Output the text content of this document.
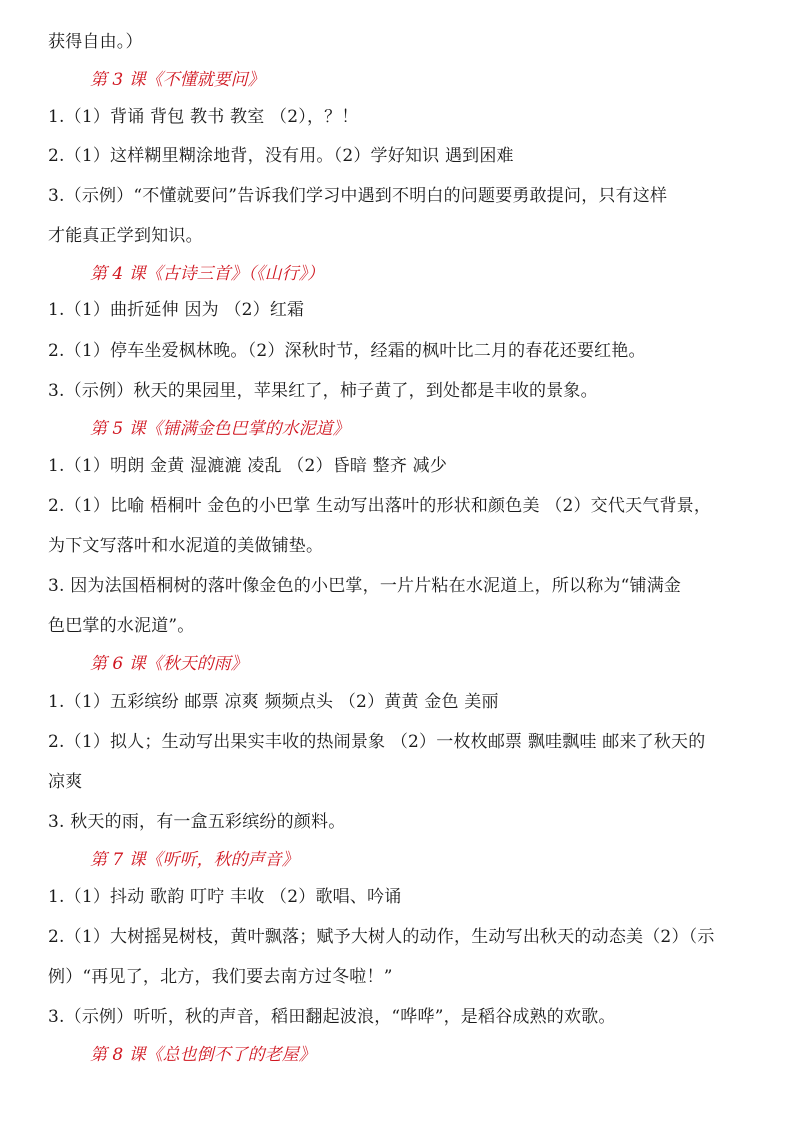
获得自由。）
第 3 课《不懂就要问》
1.（1）背诵 背包 教书 教室 （2），？！
2.（1）这样糊里糊涂地背，没有用。（2）学好知识 遇到困难
3.（示例）“不懂就要问”告诉我们学习中遇到不明白的问题要勇敢提问，只有这样
才能真正学到知识。
第 4 课《古诗三首》（《山行》）
1.（1）曲折延伸 因为 （2）红霜
2.（1）停车坐爱枫林晚。（2）深秋时节，经霜的枫叶比二月的春花还要红艳。
3.（示例）秋天的果园里，苹果红了，柿子黄了，到处都是丰收的景象。
第 5 课《铺满金色巴掌的水泥道》
1.（1）明朗 金黄 湿漉漉 凌乱 （2）昏暗 整齐 减少
2.（1）比喻 梧桐叶 金色的小巴掌 生动写出落叶的形状和颜色美 （2）交代天气背景，
为下文写落叶和水泥道的美做铺垫。
3. 因为法国梧桐树的落叶像金色的小巴掌，一片片粘在水泥道上，所以称为“铺满金
色巴掌的水泥道”。
第 6 课《秋天的雨》
1.（1）五彩缤纷 邮票 凉爽 频频点头 （2）黄黄 金色 美丽
2.（1）拟人；生动写出果实丰收的热闹景象 （2）一枚枚邮票 飘哇飘哇 邮来了秋天的
凉爽
3. 秋天的雨，有一盒五彩缤纷的颜料。
第 7 课《听听，秋的声音》
1.（1）抖动 歌韵 叮咛 丰收 （2）歌唱、吟诵
2.（1）大树摇晃树枝，黄叶飘落；赋予大树人的动作，生动写出秋天的动态美（2）（示
例）“再见了，北方，我们要去南方过冬啦！”
3.（示例）听听，秋的声音，稻田翻起波浪，“哗哗”，是稻谷成熟的欢歌。
第 8 课《总也倒不了的老屋》
